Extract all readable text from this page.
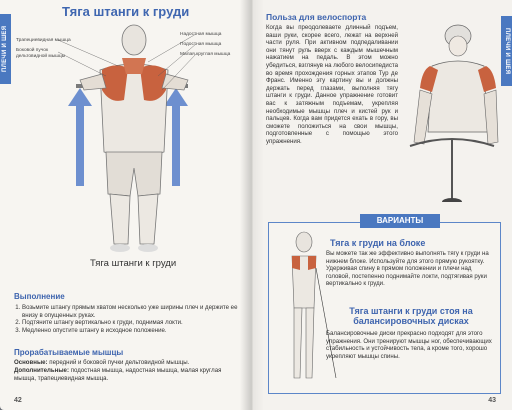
ПЛЕЧИ И ШЕЯ
Тяга штанги к груди
Трапециевидная мышца
Боковой пучок дельтовидной мышцы
Надостная мышца
Подостная мышца
Малая круглая мышца
Тяга штанги к груди
Выполнение
1. Возьмите штангу прямым хватом несколько уже ширины плеч и держите ее внизу в опущенных руках.
2. Подтяните штангу вертикально к груди, поднимая локти.
3. Медленно опустите штангу в исходное положение.
Прорабатываемые мышцы
Основные: передний и боковой пучки дельтовидной мышцы.
Дополнительные: подостная мышца, надостная мышца, малая круглая мышца, трапециевидная мышца.
42
ПЛЕЧИ И ШЕЯ
Польза для велоспорта
Когда вы преодолеваете длинный подъем, ваши руки, скорее всего, лежат на верхней части руля. При активном подпедаливании они тянут руль вверх с каждым мышечным нажатием на педаль. В этом можно убедиться, взглянув на любого велосипедиста во время прохождения горных этапов Тур де Франс. Именно эту картину вы и должны держать перед глазами, выполняя тягу штанги к груди. Данное упражнение готовит вас к затяжным подъемам, укрепляя необходимые мышцы плеч и кистей рук и пальцев. Когда вам придется ехать в гору, вы сможете положиться на свои мышцы, подготовленные с помощью этого упражнения.
ВАРИАНТЫ
Тяга к груди на блоке
Вы можете так же эффективно выполнять тягу к груди на нижнем блоке. Используйте для этого прямую рукоятку. Удерживая спину в прямом положении и плечи над головой, постепенно поднимайте локти, подтягивая руки вертикально к груди.
Тяга штанги к груди стоя на балансировочных дисках
Балансировочные диски прекрасно подходят для этого упражнения. Они тренируют мышцы ног, обеспечивающих стабильность и устойчивость тела, а кроме того, хорошо укрепляют мышцы спины.
43
